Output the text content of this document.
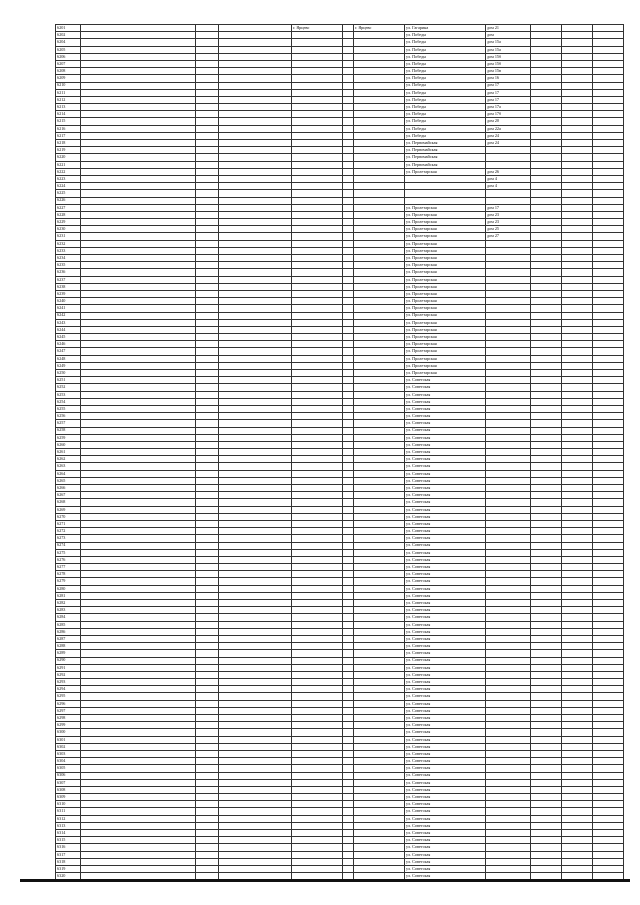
6201				г. Ярцево		г. Ярцево	ул. Гагарина	дом 21			
6202							ул. Победы	дом			
6204							ул. Победы	дом 15а			
6205							ул. Победы	дом 15а			
6206							ул. Победы	дом 15б			
6207							ул. Победы	дом 15б			
6208							ул. Победы	дом 15в			
6209							ул. Победы	дом 16			
6210							ул. Победы	дом 17			
6211							ул. Победы	дом 17			
6212							ул. Победы	дом 17			
6213							ул. Победы	дом 17а			
6214							ул. Победы	дом 17б			
6215							ул. Победы	дом 20			
6216							ул. Победы	дом 22а			
6217							ул. Победы	дом 24			
6218							ул. Первомайская	дом 24			
6219							ул. Первомайская				
6220							ул. Первомайская				
6221							ул. Первомайская				
6222							ул. Пролетарская	дом 26			
6223								дом 4			
6224								дом 4			
6225											
6226											
6227							ул. Пролетарская	дом 17			
6228							ул. Пролетарская	дом 23			
6229							ул. Пролетарская	дом 23			
6230							ул. Пролетарская	дом 25			
6231							ул. Пролетарская	дом 27			
6232							ул. Пролетарская				
6233							ул. Пролетарская				
6234							ул. Пролетарская				
6235							ул. Пролетарская				
6236							ул. Пролетарская				
6237							ул. Пролетарская				
6238							ул. Пролетарская				
6239							ул. Пролетарская				
6240							ул. Пролетарская				
6241							ул. Пролетарская				
6242							ул. Пролетарская				
6243							ул. Пролетарская				
6244							ул. Пролетарская				
6245							ул. Пролетарская				
6246							ул. Пролетарская				
6247							ул. Пролетарская				
6248							ул. Пролетарская				
6249							ул. Пролетарская				
6250							ул. Пролетарская				
6251							ул. Советская				
6252							ул. Советская				
6253							ул. Советская				
6254							ул. Советская				
6255							ул. Советская				
6256							ул. Советская				
6257							ул. Советская				
6258							ул. Советская				
6259							ул. Советская				
6260							ул. Советская				
6261							ул. Советская				
6262							ул. Советская				
6263							ул. Советская				
6264							ул. Советская				
6265							ул. Советская				
6266							ул. Советская				
6267							ул. Советская				
6268							ул. Советская				
6269							ул. Советская				
6270							ул. Советская				
6271							ул. Советская				
6272							ул. Советская				
6273							ул. Советская				
6274							ул. Советская				
6275							ул. Советская				
6276							ул. Советская				
6277							ул. Советская				
6278							ул. Советская				
6279							ул. Советская				
6280							ул. Советская				
6281							ул. Советская				
6282							ул. Советская				
6283							ул. Советская				
6284							ул. Советская				
6285							ул. Советская				
6286							ул. Советская				
6287							ул. Советская				
6288							ул. Советская				
6289							ул. Советская				
6290							ул. Советская				
6291							ул. Советская				
6292							ул. Советская				
6293							ул. Советская				
6294							ул. Советская				
6295							ул. Советская				
6296							ул. Советская				
6297							ул. Советская				
6298							ул. Советская				
6299							ул. Советская				
6300							ул. Советская				
6301							ул. Советская				
6302							ул. Советская				
6303							ул. Советская				
6304							ул. Советская				
6305							ул. Советская				
6306							ул. Советская				
6307							ул. Советская				
6308							ул. Советская				
6309							ул. Советская				
6310							ул. Советская				
6311							ул. Советская				
6312							ул. Советская				
6313							ул. Советская				
6314							ул. Советская				
6315							ул. Советская				
6316							ул. Советская				
6317							ул. Советская				
6318							ул. Советская				
6319							ул. Советская				
6320							ул. Советская				
